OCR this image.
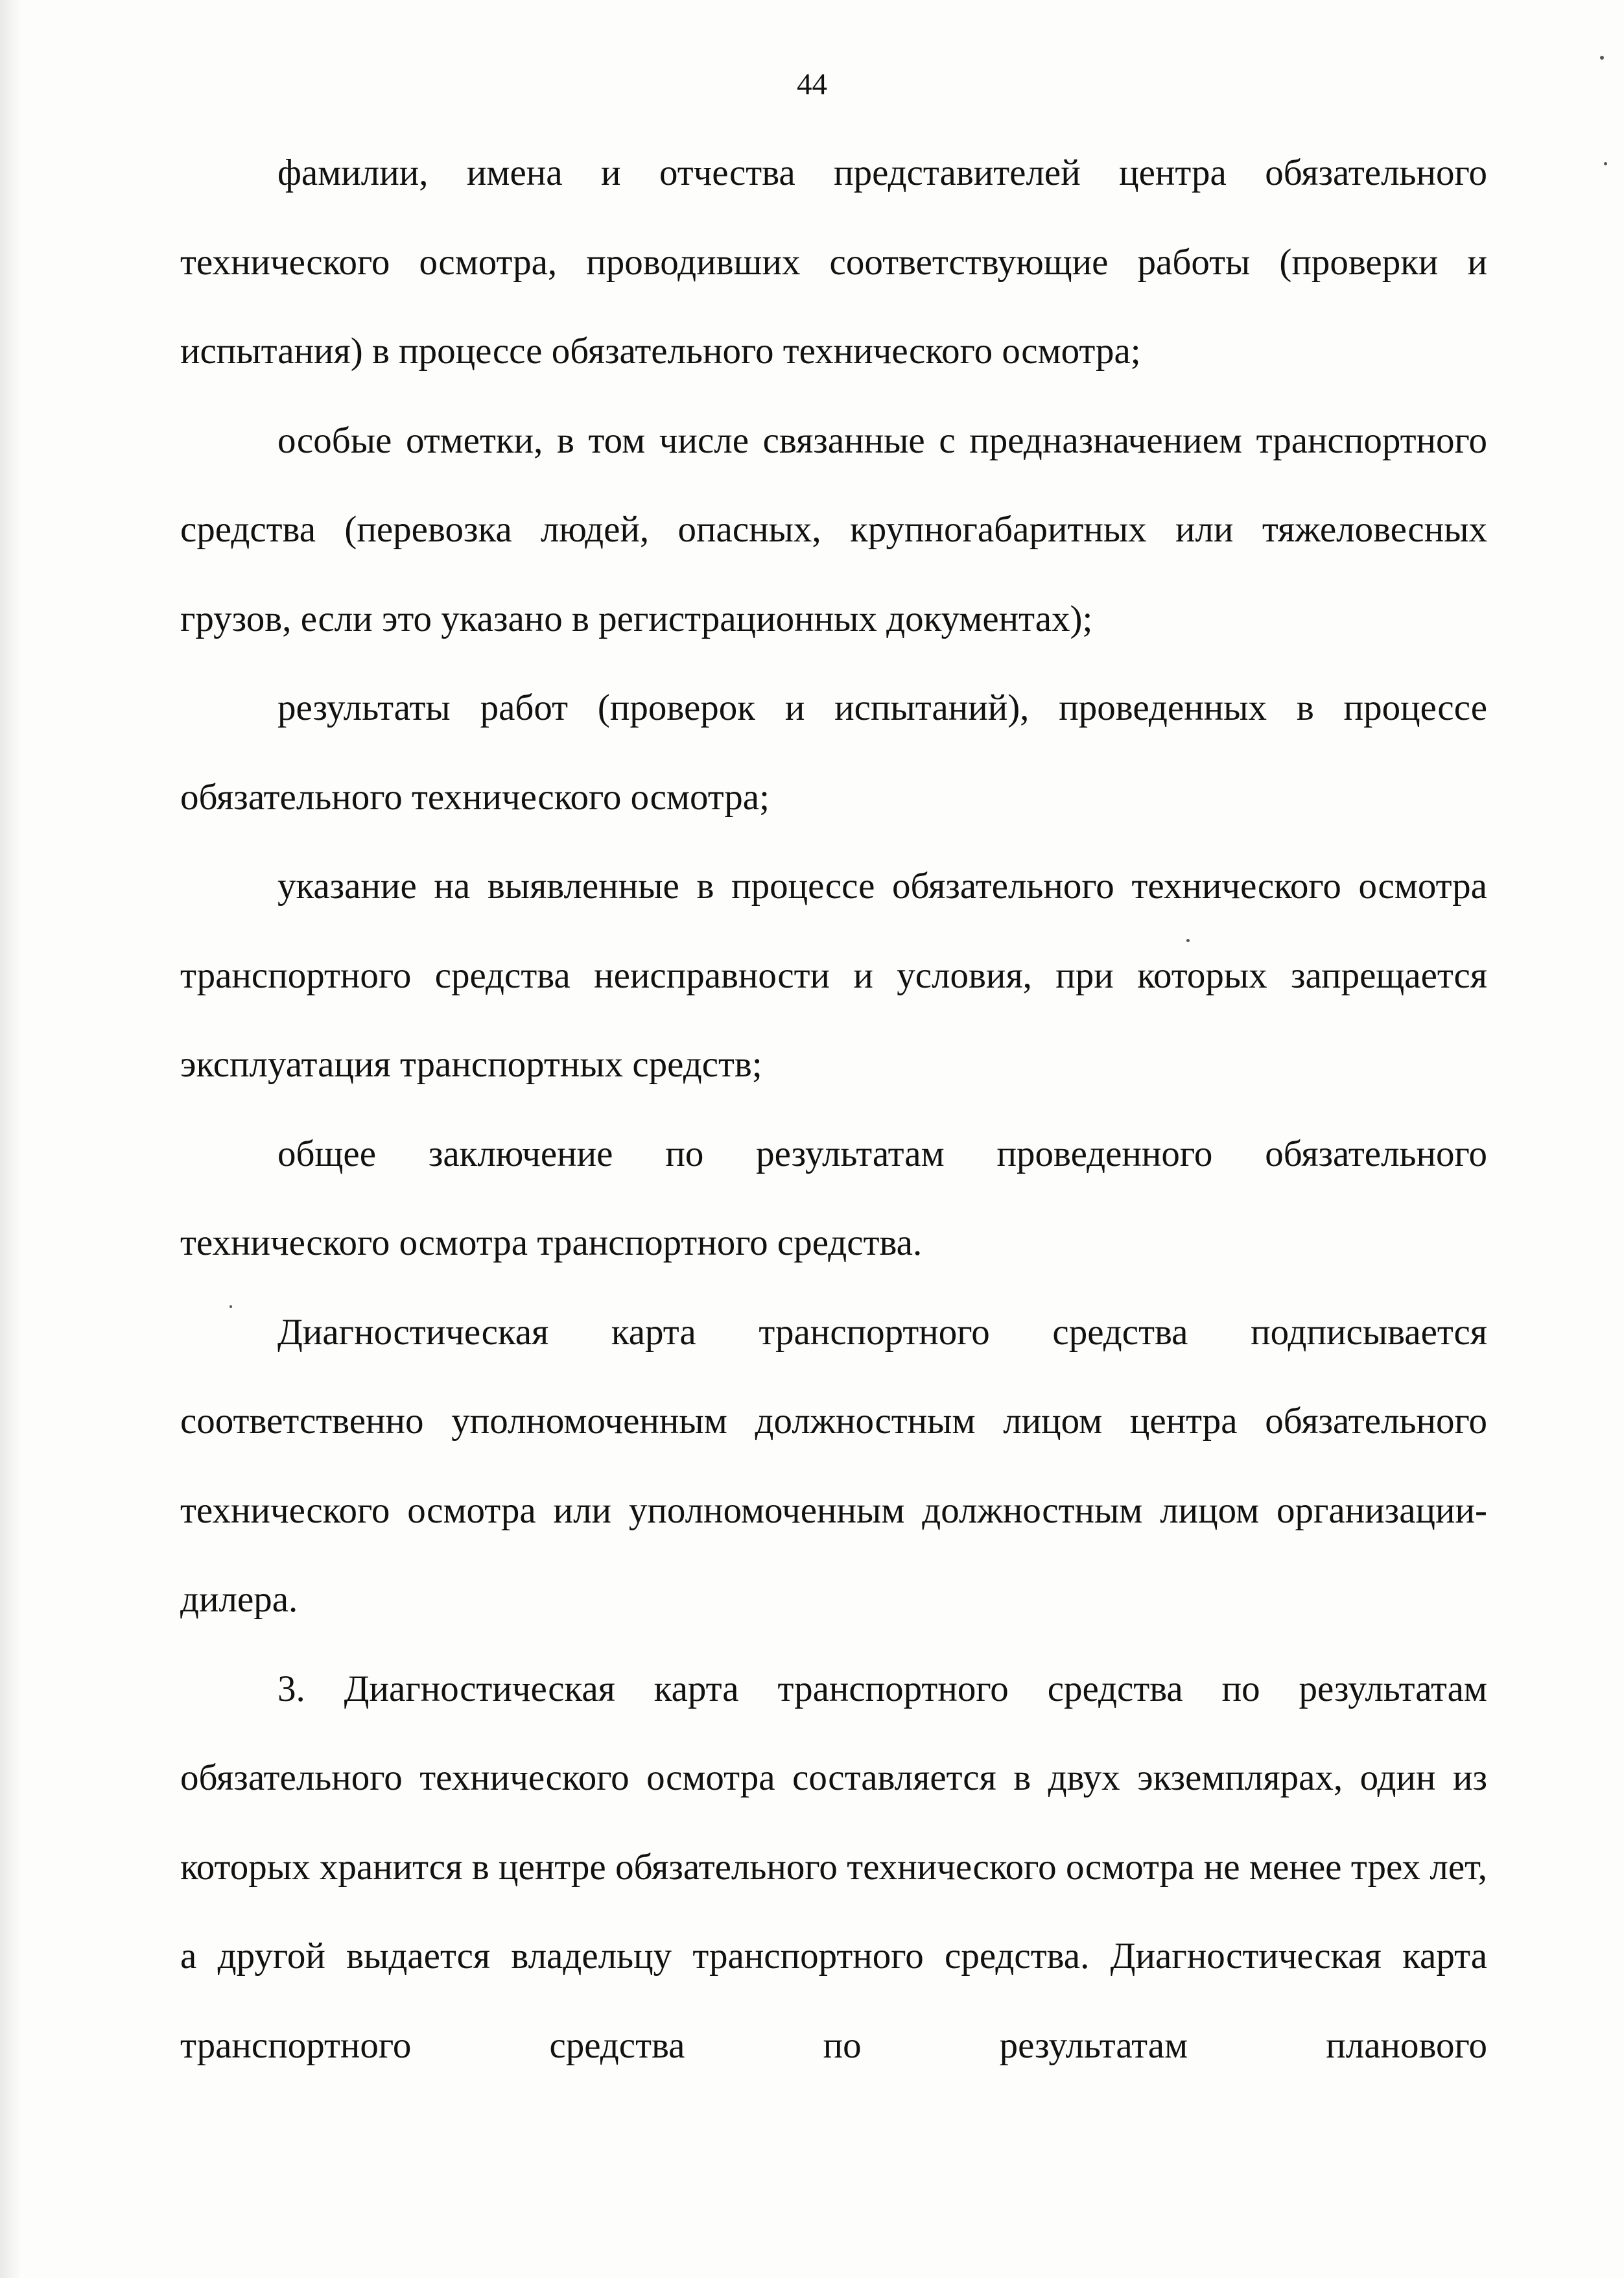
44

фамилии, имена и отчества представителей центра обязательного технического осмотра, проводивших соответствующие работы (проверки и испытания) в процессе обязательного технического осмотра;

особые отметки, в том числе связанные с предназначением транспортного средства (перевозка людей, опасных, крупногабаритных или тяжеловесных грузов, если это указано в регистрационных документах);

результаты работ (проверок и испытаний), проведенных в процессе обязательного технического осмотра;

указание на выявленные в процессе обязательного технического осмотра транспортного средства неисправности и условия, при которых запрещается эксплуатация транспортных средств;

общее заключение по результатам проведенного обязательного технического осмотра транспортного средства.

Диагностическая карта транспортного средства подписывается соответственно уполномоченным должностным лицом центра обязательного технического осмотра или уполномоченным должностным лицом организации-дилера.

3. Диагностическая карта транспортного средства по результатам обязательного технического осмотра составляется в двух экземплярах, один из которых хранится в центре обязательного технического осмотра не менее трех лет, а другой выдается владельцу транспортного средства. Диагностическая карта транспортного средства по результатам планового
